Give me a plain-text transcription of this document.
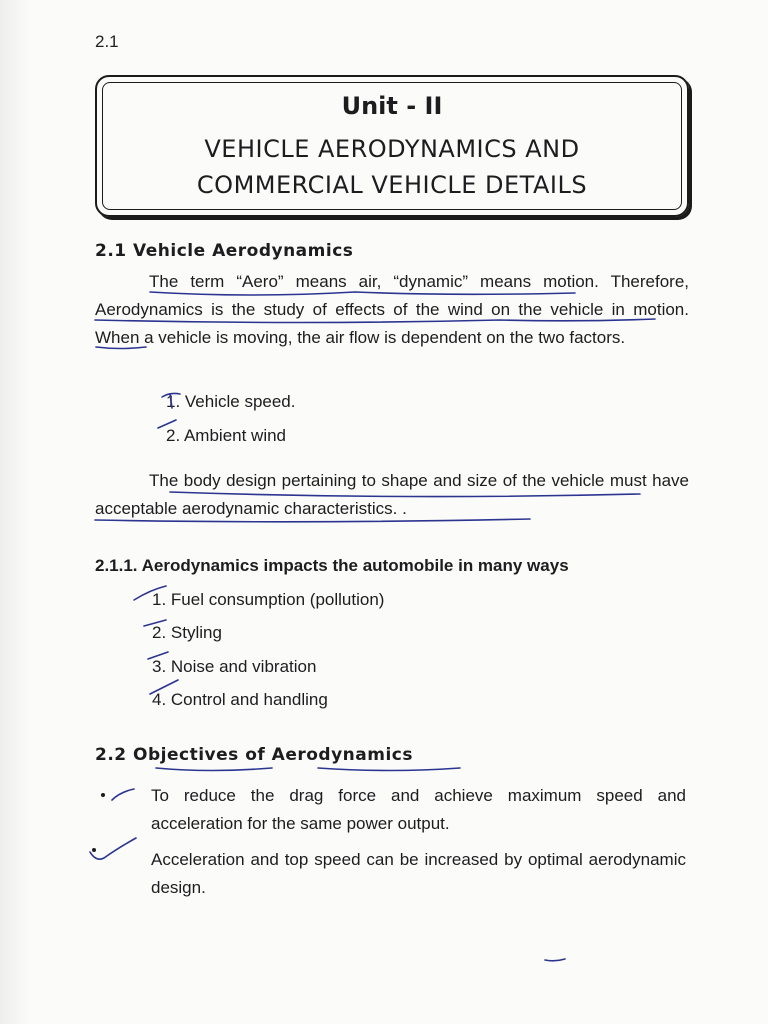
2.1
Unit - II
VEHICLE AERODYNAMICS AND
COMMERCIAL VEHICLE DETAILS
2.1 Vehicle Aerodynamics

The term “Aero” means air, “dynamic” means motion. Therefore, Aerodynamics is the study of effects of the wind on the vehicle in motion. When a vehicle is moving, the air flow is dependent on the two factors.

1. Vehicle speed.
2. Ambient wind

The body design pertaining to shape and size of the vehicle must have acceptable aerodynamic characteristics. .

2.1.1. Aerodynamics impacts the automobile in many ways
1. Fuel consumption (pollution)
2. Styling
3. Noise and vibration
4. Control and handling
2.2 Objectives of Aerodynamics

To reduce the drag force and achieve maximum speed and acceleration for the same power output.

Acceleration and top speed can be increased by optimal aerodynamic design.
